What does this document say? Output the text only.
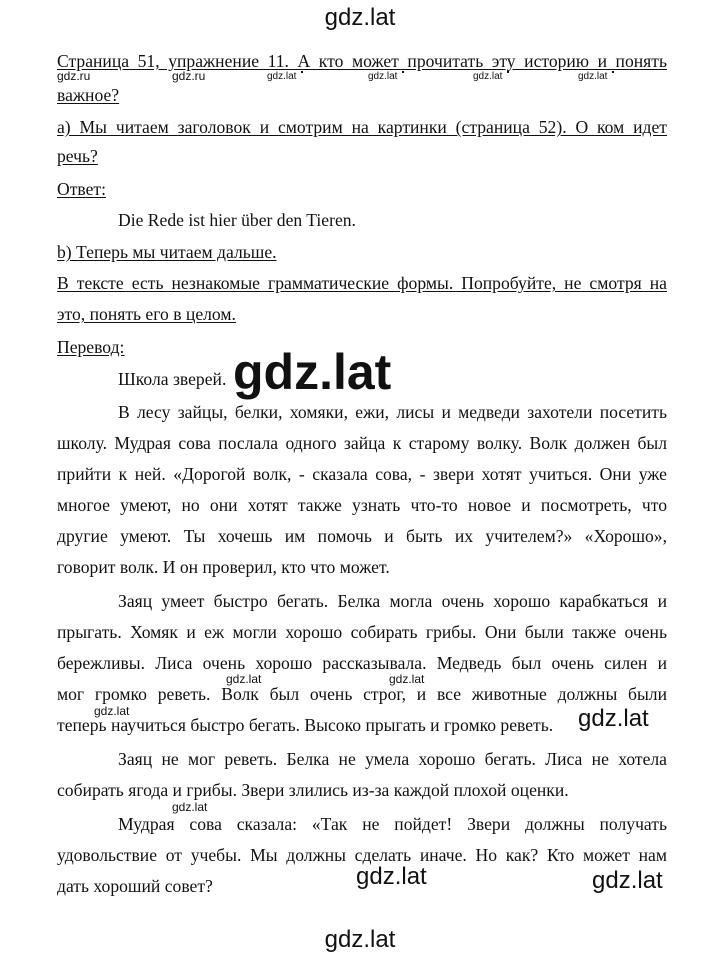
gdz.lat
Страница 51, упражнение 11. А кто может прочитать эту историю и понять
gdz.ru	gdz.ru	gdz.lat	gdz.lat	gdz.lat	gdz.lat
важное?
a) Мы читаем заголовок и смотрим на картинки (страница 52). О ком идет
речь?
Ответ:
Die Rede ist hier über den Tieren.
b) Теперь мы читаем дальше.
В тексте есть незнакомые грамматические формы. Попробуйте, не смотря на
это, понять его в целом.
Перевод:
Школа зверей. gdz.lat
В лесу зайцы, белки, хомяки, ежи, лисы и медведи захотели посетить
школу. Мудрая сова послала одного зайца к старому волку. Волк должен был
прийти к ней. «Дорогой волк, - сказала сова, - звери хотят учиться. Они уже
многое умеют, но они хотят также узнать что-то новое и посмотреть, что
другие умеют. Ты хочешь им помочь и быть их учителем?» «Хорошо»,
говорит волк. И он проверил, кто что может.
Заяц умеет быстро бегать. Белка могла очень хорошо карабкаться и
прыгать. Хомяк и еж могли хорошо собирать грибы. Они были также очень
бережливы. Лиса очень хорошо рассказывала. Медведь был очень силен и
gdz.lat	gdz.lat
мог громко реветь. Волк был очень строг, и все животные должны были
gdz.lat
теперь научиться быстро бегать. Высоко прыгать и громко реветь. gdz.lat
Заяц не мог реветь. Белка не умела хорошо бегать. Лиса не хотела
собирать ягода и грибы. Звери злились из-за каждой плохой оценки.
gdz.lat
Мудрая сова сказала: «Так не пойдет! Звери должны получать
удовольствие от учебы. Мы должны сделать иначе. Но как? Кто может нам
дать хороший совет?	gdz.lat	gdz.lat
gdz.lat
